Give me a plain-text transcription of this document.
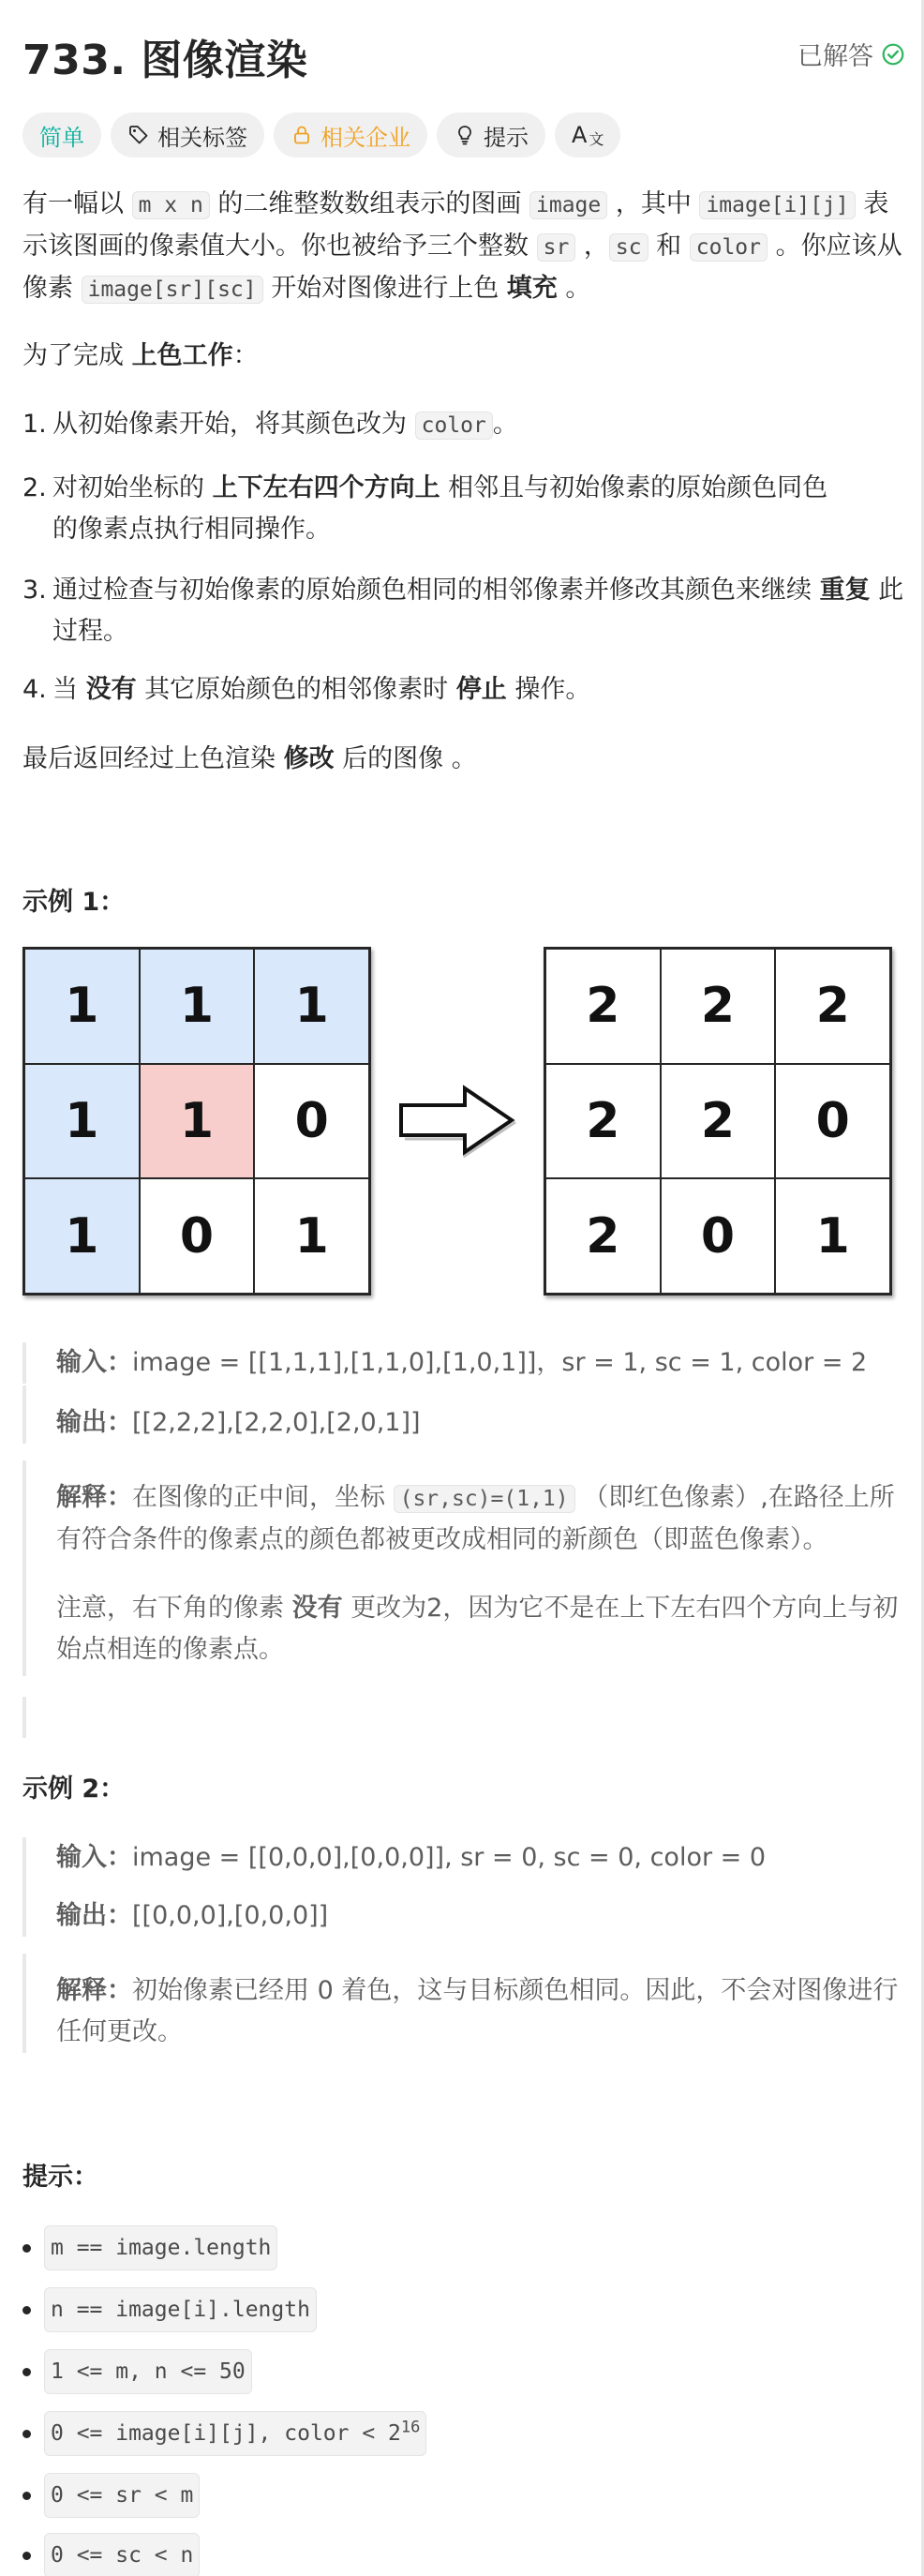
733. 图像渲染	已解答
简单	相关标签	相关企业	提示 A 文
有一幅以 m x n 的二维整数数组表示的图画 image ，其中 image[i][j] 表示该图画的像素值大小。你也被给予三个整数 sr ， sc 和 color 。你应该从像素 image[sr][sc] 开始对图像进行上色 填充 。
为了完成 上色工作：
1. 从初始像素开始，将其颜色改为 color 。
2. 对初始坐标的 上下左右四个方向上 相邻且与初始像素的原始颜色同色的像素点执行相同操作。
3. 通过检查与初始像素的原始颜色相同的相邻像素并修改其颜色来继续 重复 此过程。
4. 当 没有 其它原始颜色的相邻像素时 停止 操作。
最后返回经过上色渲染 修改 后的图像 。
示例 1：
1	1	1
1	1	0
1	0	1
2	2	2
2	2	0
2	0	1
输入：image = [[1,1,1],[1,1,0],[1,0,1]]，sr = 1, sc = 1, color = 2
输出：[[2,2,2],[2,2,0],[2,0,1]]
解释：在图像的正中间，坐标 (sr,sc)=(1,1) （即红色像素）,在路径上所有符合条件的像素点的颜色都被更改成相同的新颜色（即蓝色像素）。
注意，右下角的像素 没有 更改为2，因为它不是在上下左右四个方向上与初始点相连的像素点。
示例 2：
输入：image = [[0,0,0],[0,0,0]], sr = 0, sc = 0, color = 0
输出：[[0,0,0],[0,0,0]]
解释：初始像素已经用 0 着色，这与目标颜色相同。因此，不会对图像进行任何更改。
提示：
m == image.length
n == image[i].length
1 <= m, n <= 50
0 <= image[i][j], color < $2^{16}$
0 <= sr < m
0 <= sc < n
